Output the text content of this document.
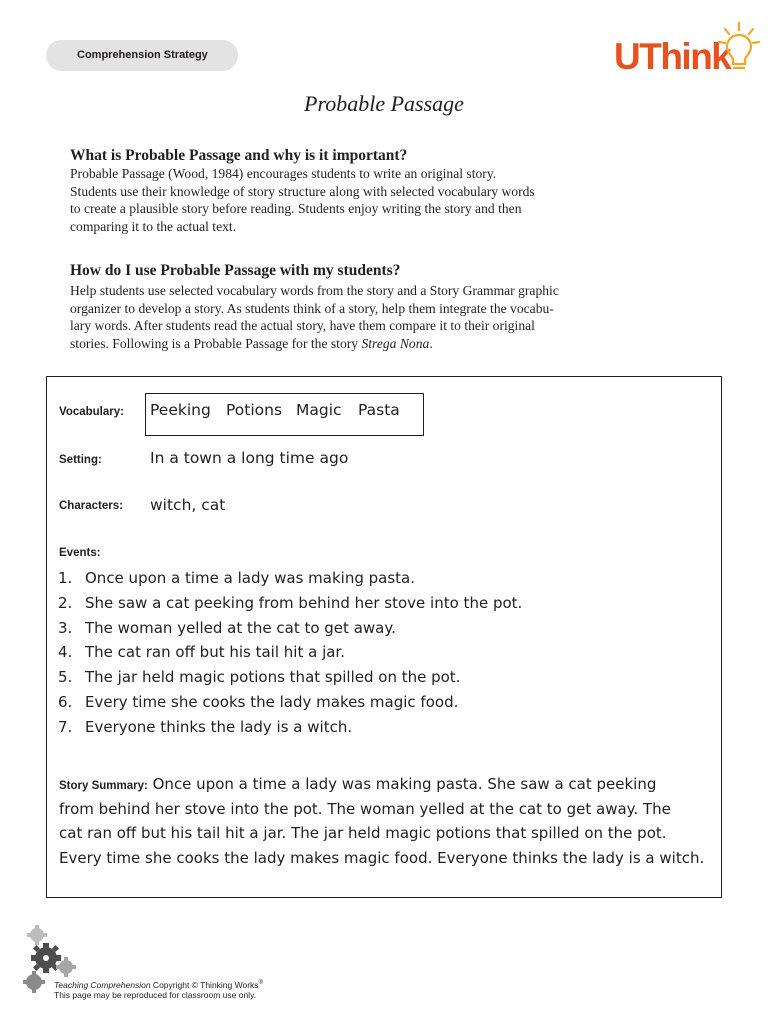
Comprehension Strategy	UThink
Probable Passage
What is Probable Passage and why is it important?
Probable Passage (Wood, 1984) encourages students to write an original story.
Students use their knowledge of story structure along with selected vocabulary words
to create a plausible story before reading. Students enjoy writing the story and then
comparing it to the actual text.
How do I use Probable Passage with my students?
Help students use selected vocabulary words from the story and a Story Grammar graphic
organizer to develop a story. As students think of a story, help them integrate the vocabu-
lary words. After students read the actual story, have them compare it to their original
stories. Following is a Probable Passage for the story Strega Nona.
Vocabulary: Peeking Potions Magic Pasta
Setting:	In a town a long time ago
Characters: witch, cat
Events:
1. Once upon a time a lady was making pasta.
2. She saw a cat peeking from behind her stove into the pot.
3. The woman yelled at the cat to get away.
4. The cat ran off but his tail hit a jar.
5. The jar held magic potions that spilled on the pot.
6. Every time she cooks the lady makes magic food.
7. Everyone thinks the lady is a witch.
Story Summary: Once upon a time a lady was making pasta. She saw a cat peeking
from behind her stove into the pot. The woman yelled at the cat to get away. The
cat ran off but his tail hit a jar. The jar held magic potions that spilled on the pot.
Every time she cooks the lady makes magic food. Everyone thinks the lady is a witch.
Teaching Comprehension Copyright © Thinking Works®
This page may be reproduced for classroom use only.
